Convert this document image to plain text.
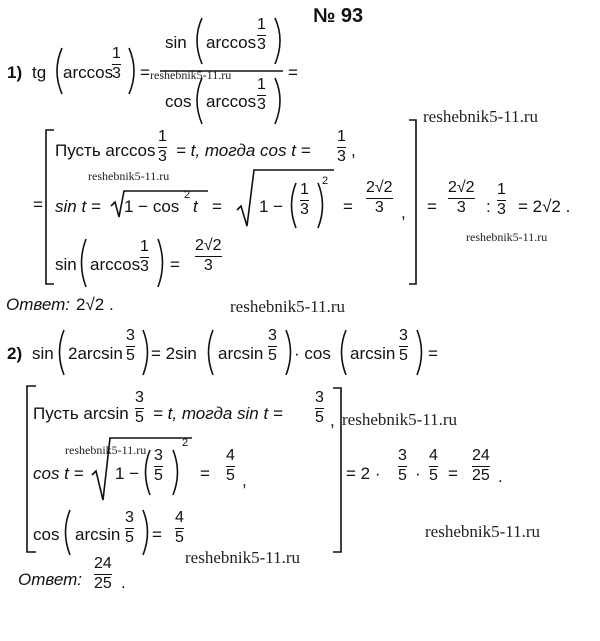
№ 93
1) tg arccos
1
3 =
sin arccos
1
3
cos arccos
1
3
=
=
Пусть arccos
1
3 = t, тогда cos t =
1
3 ,
sin t = 1 − cos
2
t = 1 −
1
3
2
=
2√2
3 ,
sin arccos
1
3 =
2√2
3
=
2√2
3 :
1
3 = 2√2 .
Ответ: 2√2 .
2) sin 2arcsin
3
5 = 2sin arcsin
3
5 · cos arcsin
3
5 =
Пусть arcsin
3
5 = t, тогда sin t =
3
5 ,
cos t = 1 −
3
5
2
=
4
5 ,
cos arcsin
3
5 =
4
5
= 2 ·
3
5 ·
4
5 =
24
25 .
Ответ:
24
25 .
reshebnik5-11.ru
reshebnik5-11.ru
reshebnik5-11.ru
reshebnik5-11.ru
reshebnik5-11.ru
reshebnik5-11.ru
reshebnik5-11.ru
reshebnik5-11.ru
reshebnik5-11.ru
